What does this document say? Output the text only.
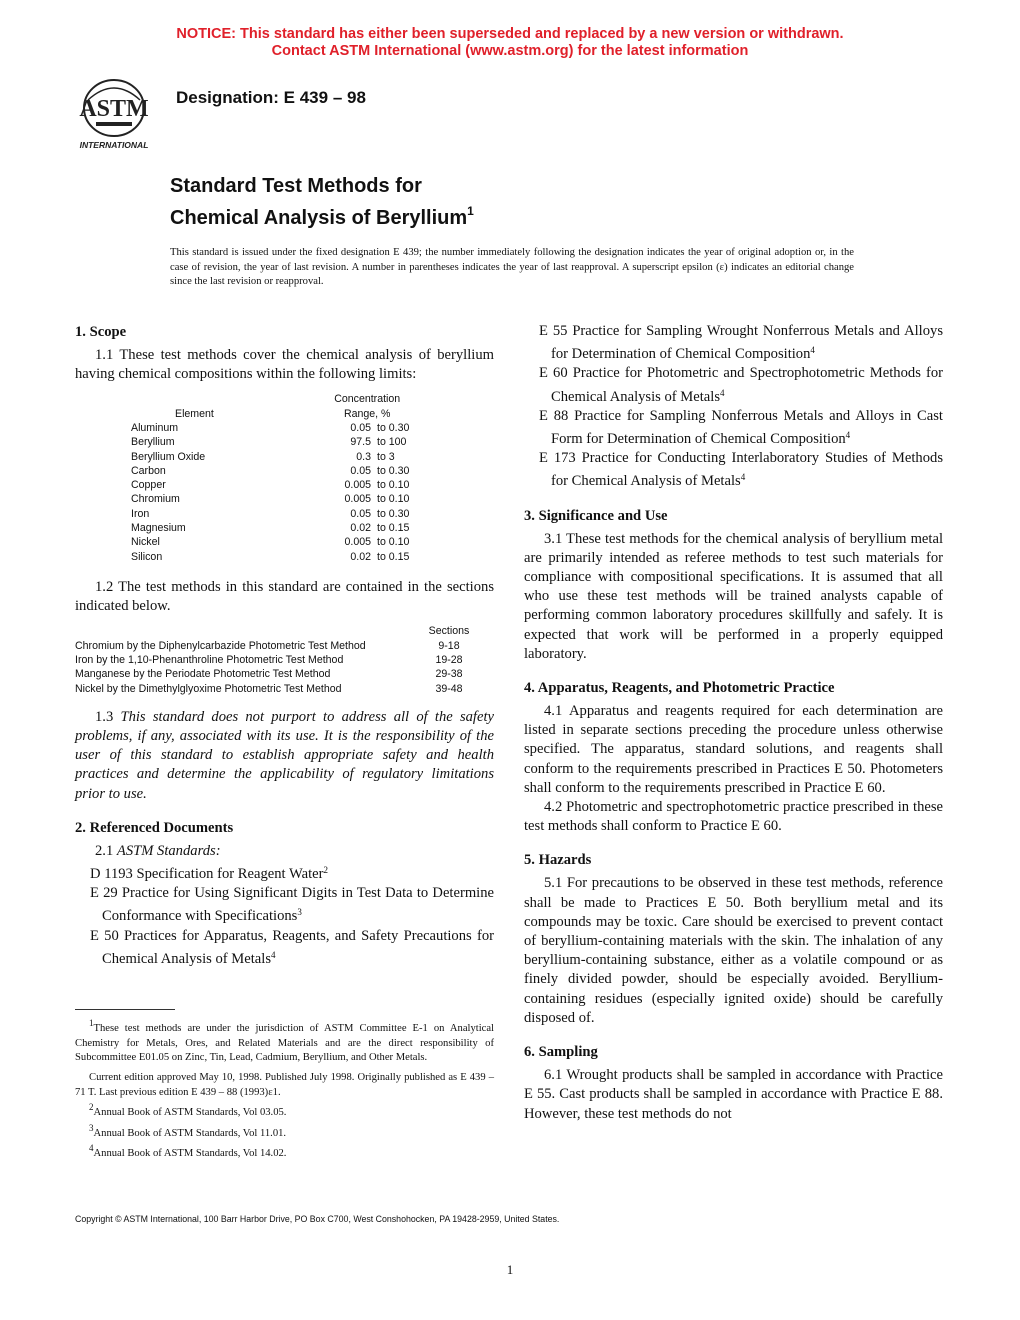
NOTICE: This standard has either been superseded and replaced by a new version or withdrawn.
Contact ASTM International (www.astm.org) for the latest information
ASTM
INTERNATIONAL
Designation: E 439 – 98
Standard Test Methods for
Chemical Analysis of Beryllium$^1$
This standard is issued under the fixed designation E 439; the number immediately following the designation indicates the year of original adoption or, in the case of revision, the year of last revision. A number in parentheses indicates the year of last reapproval. A superscript epsilon (ε) indicates an editorial change since the last revision or reapproval.
1. Scope

1.1 These test methods cover the chemical analysis of beryllium having chemical compositions within the following limits:

	Concentration	
Element	Range, %	
Aluminum	0.05	to 0.30
Beryllium	97.5	to 100
Beryllium Oxide	0.3	to 3
Carbon	0.05	to 0.30
Copper	0.005	to 0.10
Chromium	0.005	to 0.10
Iron	0.05	to 0.30
Magnesium	0.02	to 0.15
Nickel	0.005	to 0.10
Silicon	0.02	to 0.15

1.2 The test methods in this standard are contained in the sections indicated below.

	Sections
Chromium by the Diphenylcarbazide Photometric Test Method	9-18
Iron by the 1,10-Phenanthroline Photometric Test Method	19-28
Manganese by the Periodate Photometric Test Method	29-38
Nickel by the Dimethylglyoxime Photometric Test Method	39-48

1.3 This standard does not purport to address all of the safety problems, if any, associated with its use. It is the responsibility of the user of this standard to establish appropriate safety and health practices and determine the applicability of regulatory limitations prior to use.

2. Referenced Documents

2.1 ASTM Standards:

D 1193 Specification for Reagent Water$^2$

E 29 Practice for Using Significant Digits in Test Data to Determine Conformance with Specifications$^3$

E 50 Practices for Apparatus, Reagents, and Safety Precautions for Chemical Analysis of Metals$^4$

$^1$These test methods are under the jurisdiction of ASTM Committee E-1 on Analytical Chemistry for Metals, Ores, and Related Materials and are the direct responsibility of Subcommittee E01.05 on Zinc, Tin, Lead, Cadmium, Beryllium, and Other Metals.

Current edition approved May 10, 1998. Published July 1998. Originally published as E 439 – 71 T. Last previous edition E 439 – 88 (1993)ε1.

$^2$Annual Book of ASTM Standards, Vol 03.05.

$^3$Annual Book of ASTM Standards, Vol 11.01.

$^4$Annual Book of ASTM Standards, Vol 14.02.

E 55 Practice for Sampling Wrought Nonferrous Metals and Alloys for Determination of Chemical Composition$^4$

E 60 Practice for Photometric and Spectrophotometric Methods for Chemical Analysis of Metals$^4$

E 88 Practice for Sampling Nonferrous Metals and Alloys in Cast Form for Determination of Chemical Composition$^4$

E 173 Practice for Conducting Interlaboratory Studies of Methods for Chemical Analysis of Metals$^4$

3. Significance and Use

3.1 These test methods for the chemical analysis of beryllium metal are primarily intended as referee methods to test such materials for compliance with compositional specifications. It is assumed that all who use these test methods will be trained analysts capable of performing common laboratory procedures skillfully and safely. It is expected that work will be performed in a properly equipped laboratory.

4. Apparatus, Reagents, and Photometric Practice

4.1 Apparatus and reagents required for each determination are listed in separate sections preceding the procedure unless otherwise specified. The apparatus, standard solutions, and reagents shall conform to the requirements prescribed in Practices E 50. Photometers shall conform to the requirements prescribed in Practice E 60.

4.2 Photometric and spectrophotometric practice prescribed in these test methods shall conform to Practice E 60.

5. Hazards

5.1 For precautions to be observed in these test methods, reference shall be made to Practices E 50. Both beryllium metal and its compounds may be toxic. Care should be exercised to prevent contact of beryllium-containing materials with the skin. The inhalation of any beryllium-containing substance, either as a volatile compound or as finely divided powder, should be especially avoided. Beryllium-containing residues (especially ignited oxide) should be carefully disposed of.

6. Sampling

6.1 Wrought products shall be sampled in accordance with Practice E 55. Cast products shall be sampled in accordance with Practice E 88. However, these test methods do not

Copyright © ASTM International, 100 Barr Harbor Drive, PO Box C700, West Conshohocken, PA 19428-2959, United States.
1
